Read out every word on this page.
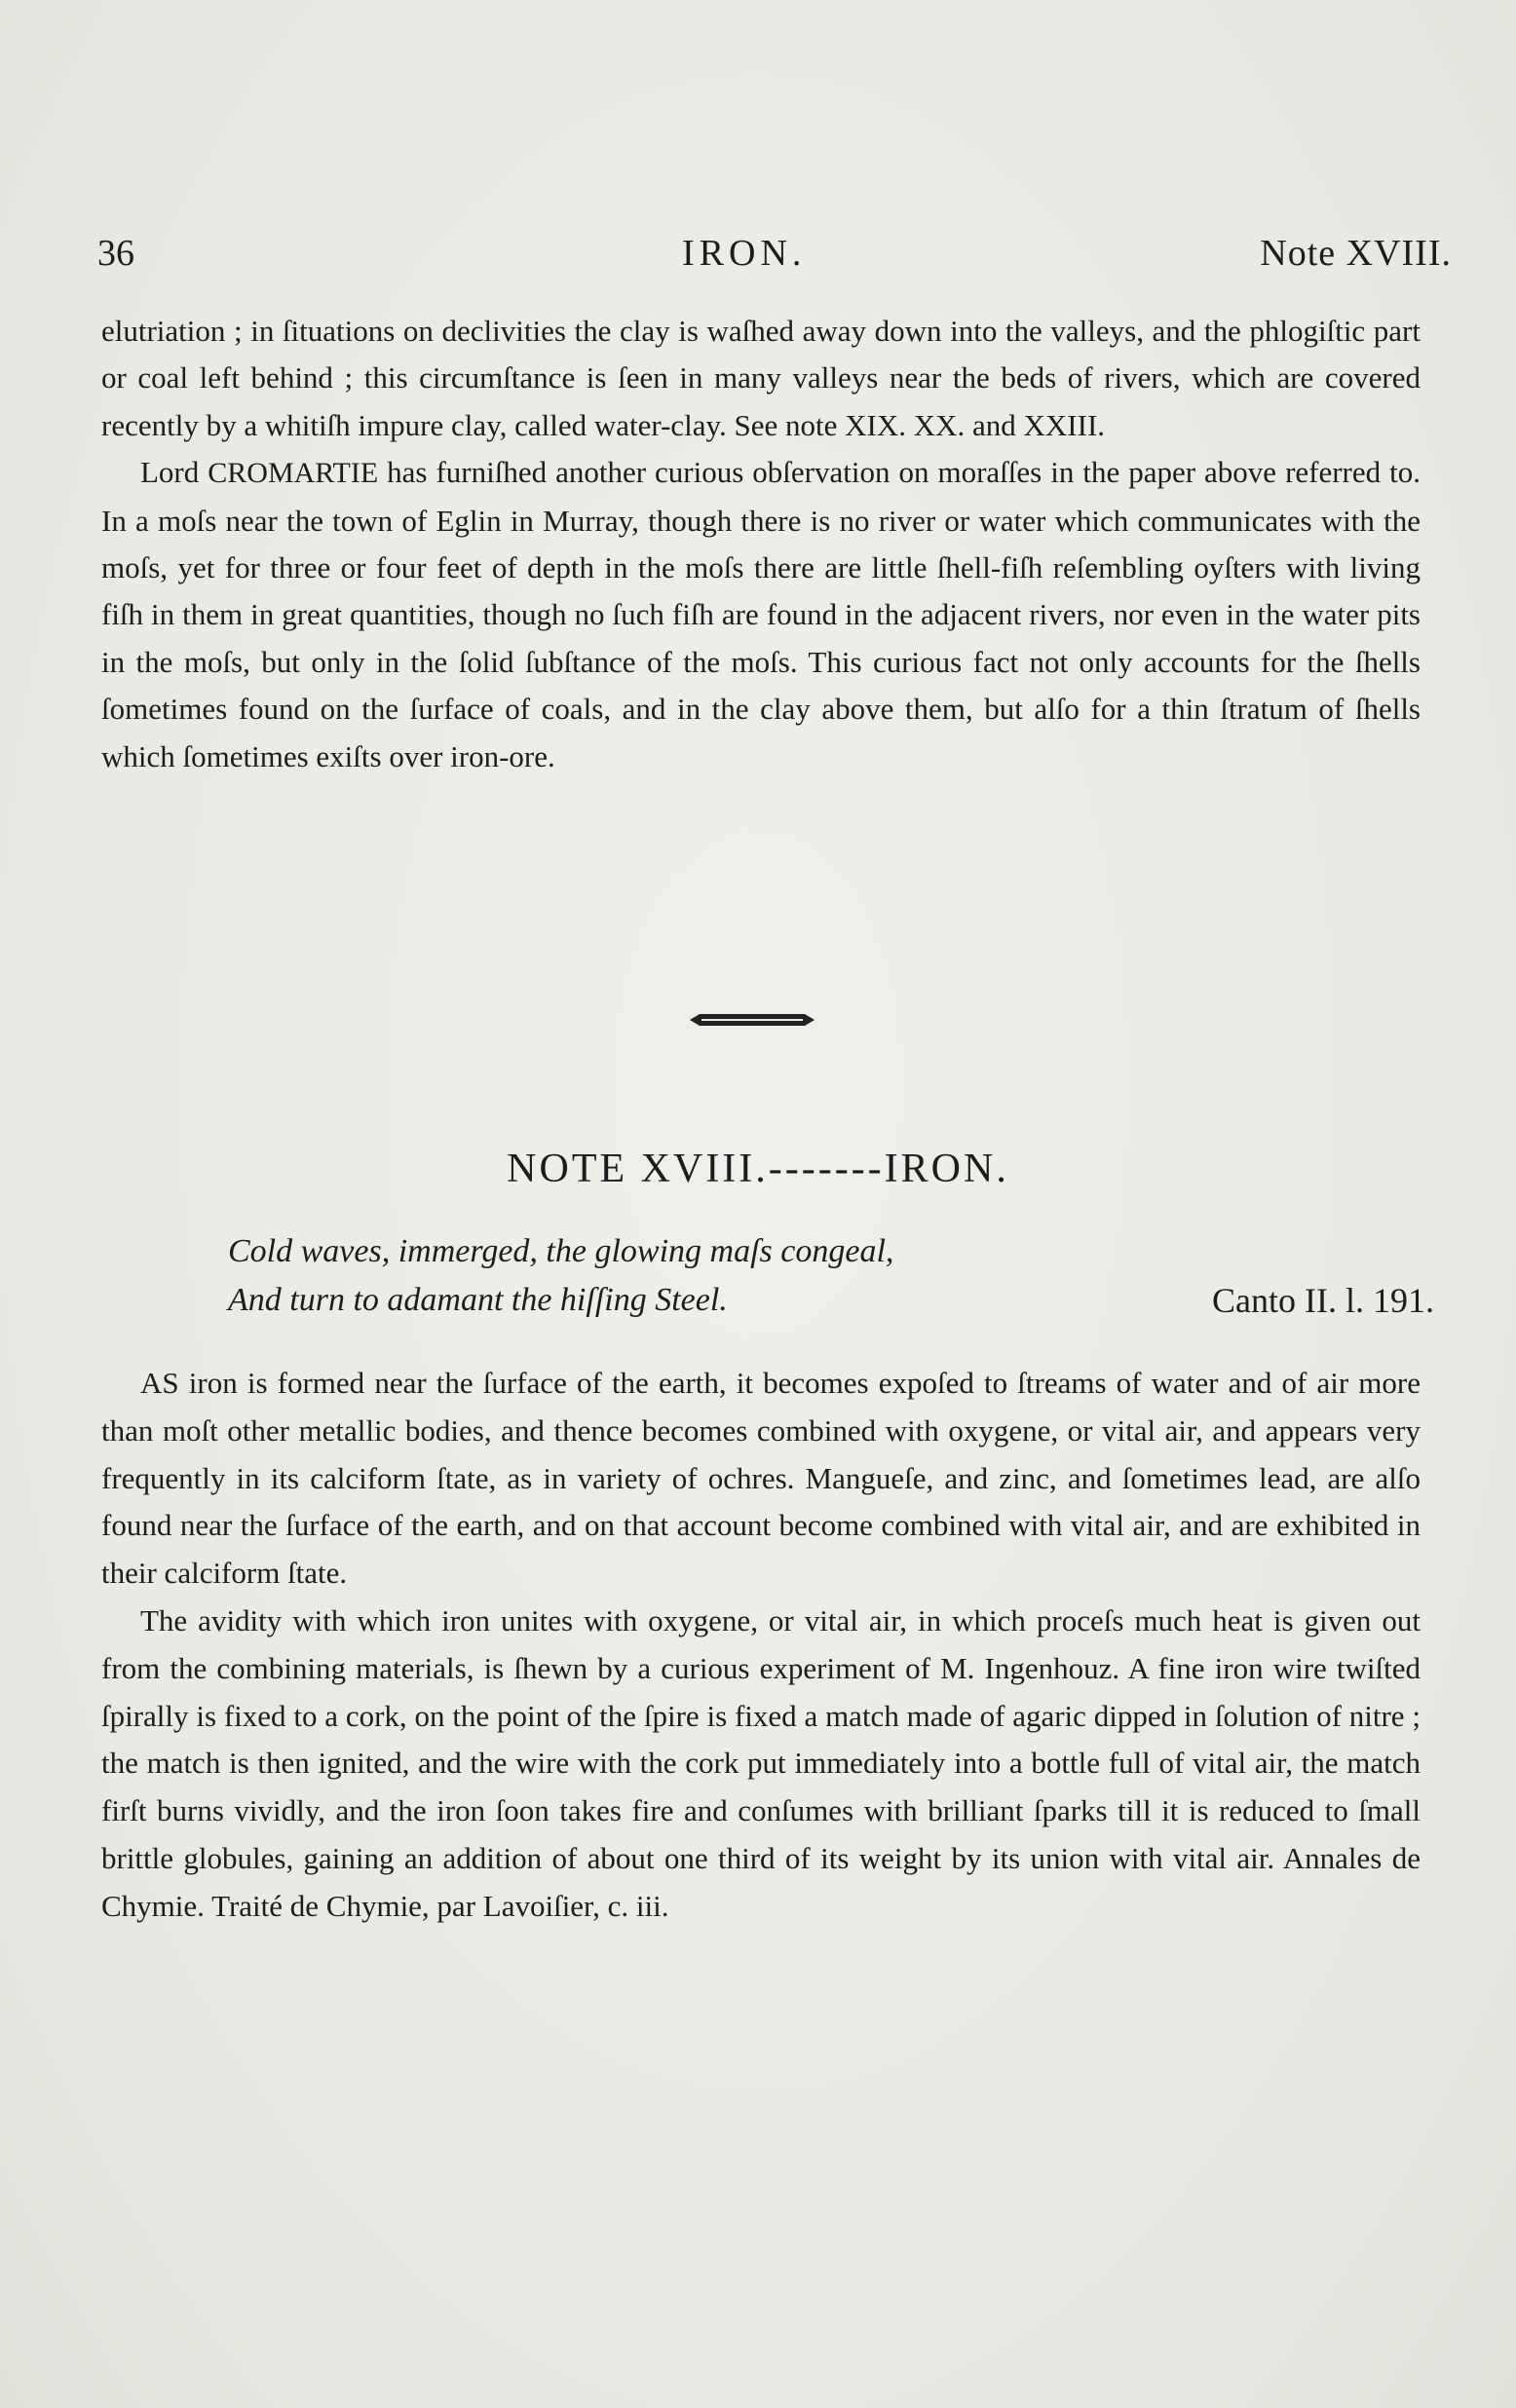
36	IRON.	Note XVIII.

elutriation ; in ſituations on declivities the clay is waſhed away down into the valleys, and the phlogiſtic part or coal left behind ; this circumſtance is ſeen in many valleys near the beds of rivers, which are covered recently by a whitiſh impure clay, called water-clay. See note XIX. XX. and XXIII.

Lord CROMARTIE has furniſhed another curious obſervation on moraſſes in the paper above referred to. In a moſs near the town of Eglin in Murray, though there is no river or water which communicates with the moſs, yet for three or four feet of depth in the moſs there are little ſhell-fiſh reſembling oyſters with living fiſh in them in great quantities, though no ſuch fiſh are found in the adjacent rivers, nor even in the water pits in the moſs, but only in the ſolid ſubſtance of the moſs. This curious fact not only accounts for the ſhells ſometimes found on the ſurface of coals, and in the clay above them, but alſo for a thin ſtratum of ſhells which ſometimes exiſts over iron-ore.

NOTE XVIII.-------IRON.
Cold waves, immerged, the glowing maſs congeal,
And turn to adamant the hiſſing Steel.	Canto II. l. 191.

AS iron is formed near the ſurface of the earth, it becomes expoſed to ſtreams of water and of air more than moſt other metallic bodies, and thence becomes combined with oxygene, or vital air, and appears very frequently in its calciform ſtate, as in variety of ochres. Mangueſe, and zinc, and ſometimes lead, are alſo found near the ſurface of the earth, and on that account become combined with vital air, and are exhibited in their calciform ſtate.

The avidity with which iron unites with oxygene, or vital air, in which proceſs much heat is given out from the combining materials, is ſhewn by a curious experiment of M. Ingenhouz. A fine iron wire twiſted ſpirally is fixed to a cork, on the point of the ſpire is fixed a match made of agaric dipped in ſolution of nitre ; the match is then ignited, and the wire with the cork put immediately into a bottle full of vital air, the match firſt burns vividly, and the iron ſoon takes fire and conſumes with brilliant ſparks till it is reduced to ſmall brittle globules, gaining an addition of about one third of its weight by its union with vital air. Annales de Chymie. Traité de Chymie, par Lavoiſier, c. iii.
